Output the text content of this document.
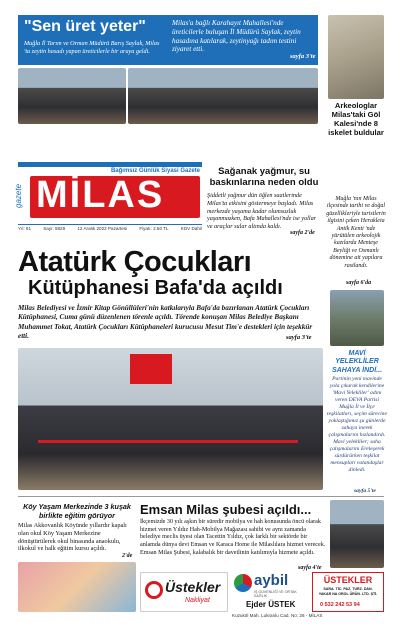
"Sen üret yeter"
Muğla İl Tarım ve Orman Müdürü Barış Saylak, Milas 'ta zeytin hasadı yapan üreticilerle bir araya geldi.
Milas'a bağlı Karahayıt Mahallesi'nde üreticilerle buluşan İl Müdürü Saylak, zeytin hasadına katılarak, zeytinyağı tadım testini ziyaret etti.
sayfa 3'te
Arkeologlar Milas'taki Göl Kalesi'nde 8 iskelet buldular
Bağımsız Günlük Siyasi Gazete
gazete MİLAS
Yıl: 61	Sayı: 5829	12 Aralık 2022 Pazartesi	Fiyatı: 2.50 TL	KDV Dahil
Sağanak yağmur, su baskınlarına neden oldu
Şiddetli yağmur dün öğlen saatlerinde Milas'ta etkisini göstermeye başladı. Milas merkezde yaşama kadar olumsuzluk yaşanmazken, Bafa Mahallesi'nde ise yollar ve araçlar sular altında kaldı.
sayfa 2'de
Muğla 'nın Milas ilçesinde tarihi ve doğal güzellikleriyle turistlerin ilgisini çeken Herakleia Antik Kenti 'nde yürütülen arkeolojik kazılarda Menteşe Beyliği ve Osmanlı dönemine ait yapılara rastlandı.
sayfa 6'da
Atatürk Çocukları
Kütüphanesi Bafa'da açıldı
Milas Belediyesi ve İzmir Kitap Gönüllüleri'nin katkılarıyla Bafa'da bazırlanan Atatürk Çocukları Kütüphanesi, Cuma günü düzenlenen törenle açıldı. Törende konuşan Milas Belediye Başkanı Muhammet Tokat, Atatürk Çocukları Kütüphaneleri kurucusu Mesut Tim'e destekleri için teşekkür etti.	sayfa 3'te
MAVİ YELEKLİLER SAHAYA İNDİ...
Partinin yeni mavinde yola çıkarak kendilerine 'Mavi Yelekliler' adını veren DEVA Partisi Muğla İl ve İlçe teşkilatları, seçim sürecine yoklaştığımız şu günlerde sahaya inerek çalışmalarını hızlandırdı. Mavi yelekliler; saha çalışmalarını Ereleşerek sürdürürken teşkilat mensupları vatandaşlar dinledi.
sayfa 5'te
Köy Yaşam Merkezinde 3 kuşak birlikte eğitim görüyor
Milas Akkovanlık Köyünde yıllardır kapalı olan okul Köy Yaşam Merkezine dönüştürülerek okul binasında anaokulu, ilkokul ve halk eğitim kursu açıldı.
2'de
Emsan Milas şubesi açıldı...
İkçemizde 30 yılı aşkın bir süredir mobilya ve hah konusunda öncü olarak hizmet veren Yıldız Hah-Mobilya Mağazası sahibi ve aynı zamanda belediye meclis üyesi olan Tacettin Yıldız, çok farklı bir sektörde bir anlamda dünya devi Emsan ve Karaca Home ile Milaslılara hizmet verecek. Emsan Milas Şubesi, kalabalık bir davetlinin katılımıyla hizmete açıldı.
sayfa 4'te
Üstekler
Nakliyat
aybil
İŞ GÜVENLİĞİ VE ORTAK SAĞLIK
ÜSTEKLER
SARA. TİC. PAZ. TURZ. DAN.
YAKAR NA OROL ÜRÜN. LTD. ŞTİ.
Ejder ÜSTEK	0 532 242 53 94
Kuzuköl Mah. Lukranlu Cad. No: 26 - MİLAS
